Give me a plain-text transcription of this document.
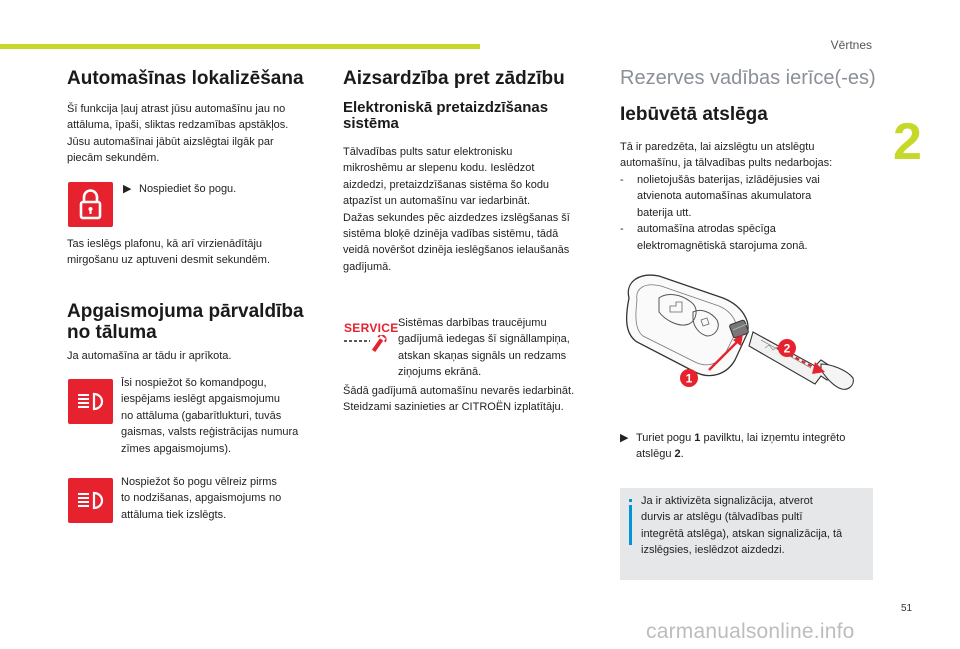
Vērtnes
2
Automašīnas lokalizēšana

Šī funkcija ļauj atrast jūsu automašīnu jau no
attāluma, īpaši, sliktas redzamības apstākļos.
Jūsu automašīnai jābūt aizslēgtai ilgāk par
piecām sekundēm.

▶︎ Nospiediet šo pogu.

Tas ieslēgs plafonu, kā arī virzienādītāju
mirgošanu uz aptuveni desmit sekundēm.

Apgaismojuma pārvaldība
no tāluma

Ja automašīna ar tādu ir aprīkota.

Īsi nospiežot šo komandpogu,
iespējams ieslēgt apgaismojumu
no attāluma (gabarītlukturi, tuvās
gaismas, valsts reģistrācijas numura
zīmes apgaismojums).

Nospiežot šo pogu vēlreiz pirms
to nodzišanas, apgaismojums no
attāluma tiek izslēgts.

Aizsardzība pret zādzību
Elektroniskā pretaizdzīšanas
sistēma

Tālvadības pults satur elektronisku
mikroshēmu ar slepenu kodu. Ieslēdzot
aizdedzi, pretaizdzīšanas sistēma šo kodu
atpazīst un automašīnu var iedarbināt.
Dažas sekundes pēc aizdedzes izslēgšanas šī
sistēma bloķē dzinēja vadības sistēmu, tādā
veidā novēršot dzinēja ieslēgšanos ielaušanās
gadījumā.

SERVICE Sistēmas darbības traucējumu
gadījumā iedegas šī signāllampiņa,
atskan skaņas signāls un redzams
ziņojums ekrānā.

Šādā gadījumā automašīnu nevarēs iedarbināt.
Steidzami sazinieties ar CITROËN izplatītāju.

Rezerves vadības ierīce(-es)
Iebūvētā atslēga

Tā ir paredzēta, lai aizslēgtu un atslēgtu
automašīnu, ja tālvadības pults nedarbojas:

-	nolietojušās baterijas, izlādējusies vai
atvienota automašīnas akumulatora
baterija utt.
-	automašīna atrodas spēcīga
elektromagnētiskā starojuma zonā.
1
2
▶︎ Turiet pogu 1 pavilktu, lai izņemtu integrēto
atslēgu 2.

Ja ir aktivizēta signalizācija, atverot
durvis ar atslēgu (tālvadības pultī
integrētā atslēga), atskan signalizācija, tā
izslēgsies, ieslēdzot aizdedzi.

51
carmanualsonline.info
